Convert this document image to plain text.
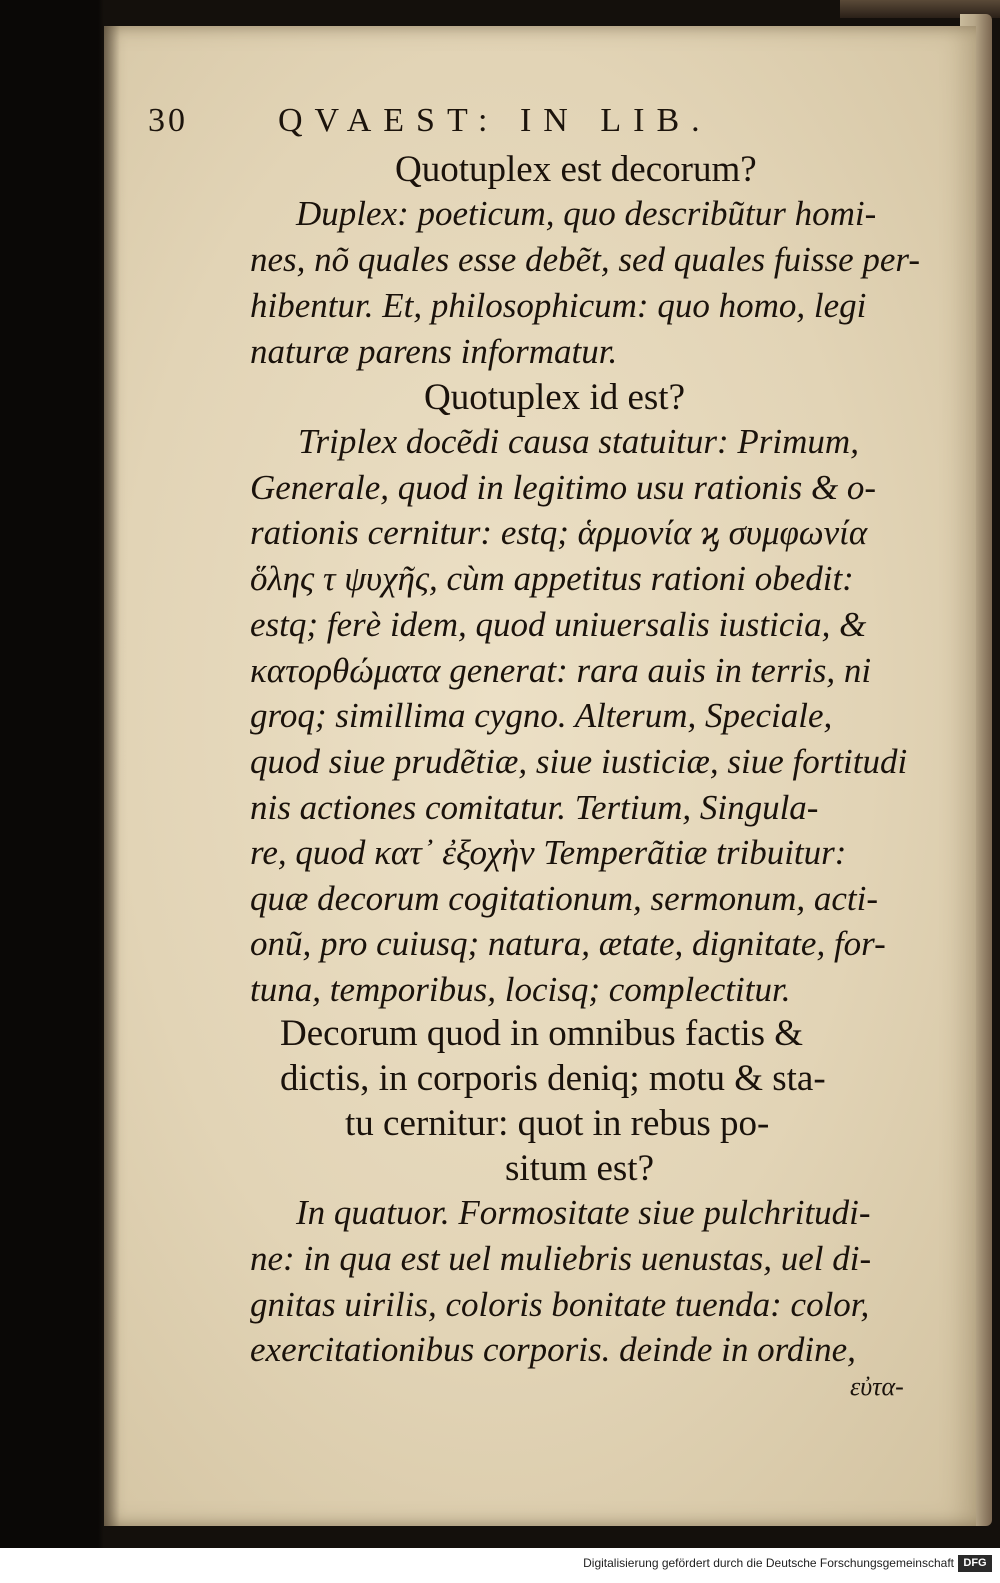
30	QVAEST: IN LIB.
Quotuplex est decorum?
Duplex: poeticum, quo describũtur homi-
nes, nõ quales esse debẽt, sed quales fuisse per-
hibentur. Et, philosophicum: quo homo, legi
naturæ parens informatur.
Quotuplex id est?
Triplex docẽdi causa statuitur: Primum,
Generale, quod in legitimo usu rationis & o-
rationis cernitur: estq; ἁρμονία ϗ συμφωνία
ὅλης τ ψυχῆς, cùm appetitus rationi obedit:
estq; ferè idem, quod uniuersalis iusticia, &
κατορθώματα generat: rara auis in terris, ni
groq; simillima cygno. Alterum, Speciale,
quod siue prudẽtiæ, siue iusticiæ, siue fortitudi
nis actiones comitatur. Tertium, Singula-
re, quod κατ᾽ ἐξοχὴν Temperãtiæ tribuitur:
quæ decorum cogitationum, sermonum, acti-
onũ, pro cuiusq; natura, ætate, dignitate, for-
tuna, temporibus, locisq; complectitur.
Decorum quod in omnibus factis &
dictis, in corporis deniq; motu & sta-
tu cernitur: quot in rebus po-
situm est?
In quatuor. Formositate siue pulchritudi-
ne: in qua est uel muliebris uenustas, uel di-
gnitas uirilis, coloris bonitate tuenda: color,
exercitationibus corporis. deinde in ordine,
εὐτα-
Digitalisierung gefördert durch die Deutsche Forschungsgemeinschaft DFG
